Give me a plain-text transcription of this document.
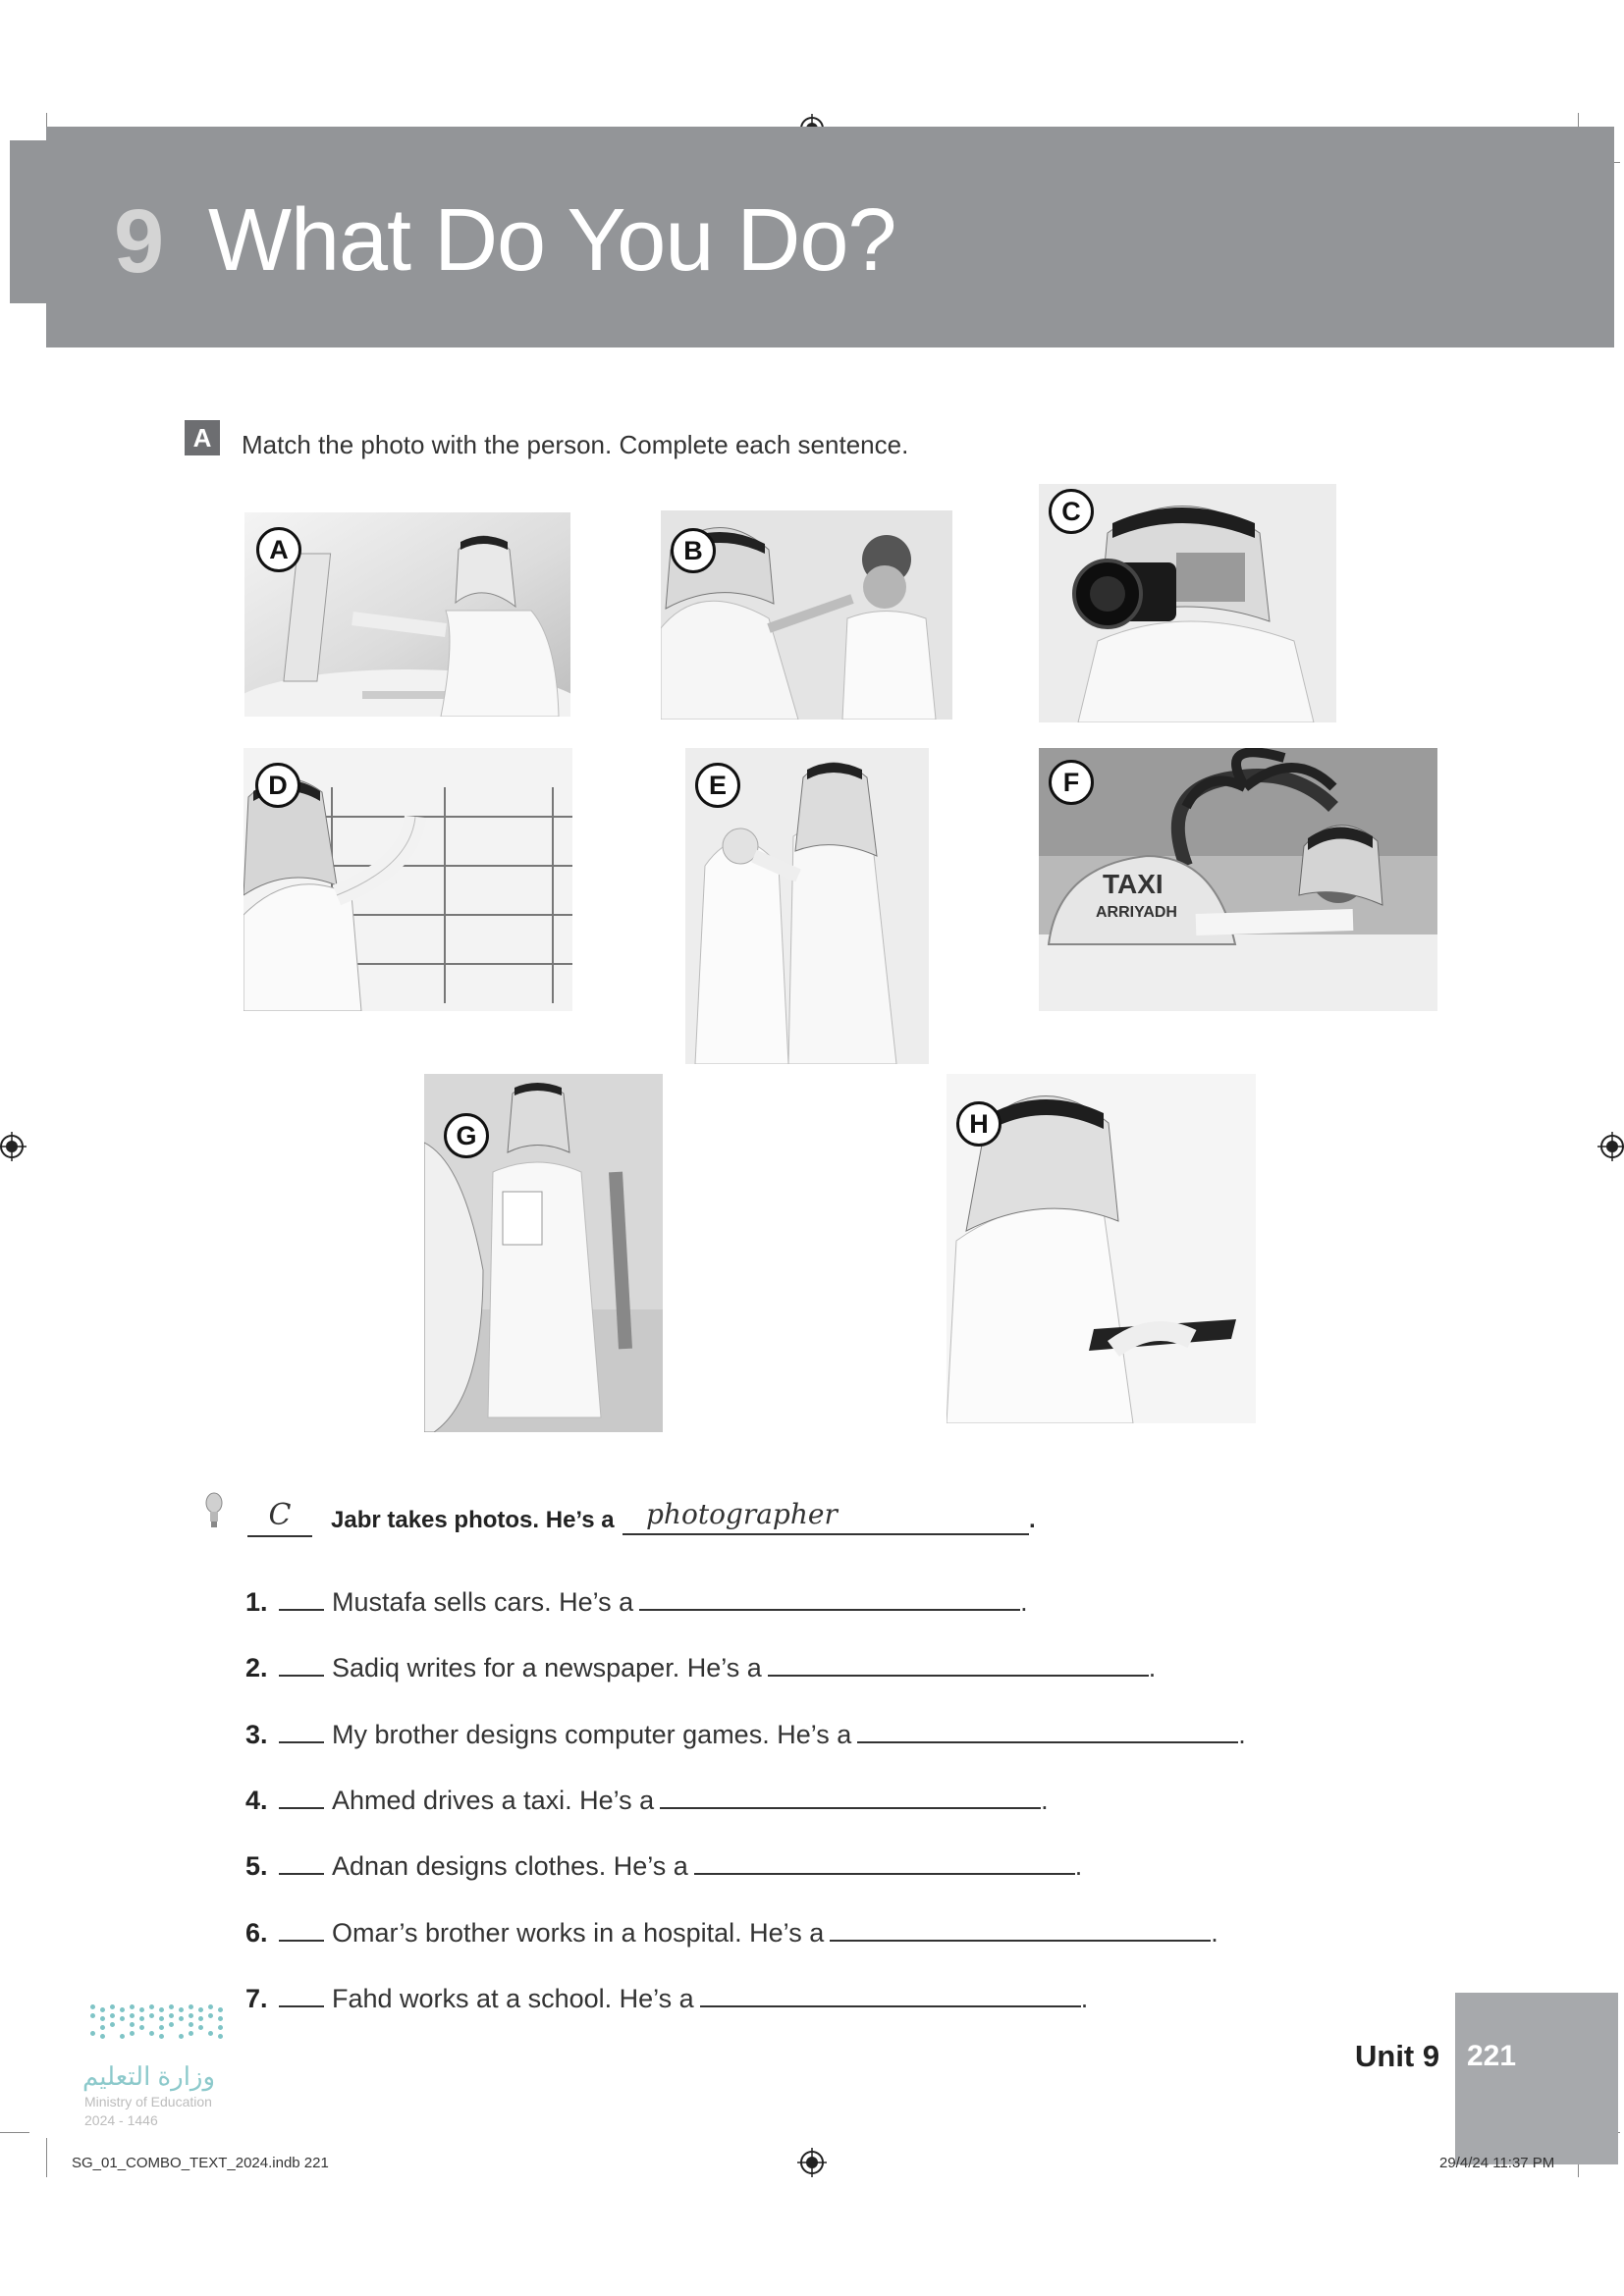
9 What Do You Do?
A	Match the photo with the person. Complete each sentence.
A	B
C
D	E
TAXI
ARRIYADH
F
G	H
C	Jabr takes photos. He’s a	photographer	.
1.	Mustafa sells cars. He’s a	.
2.	Sadiq writes for a newspaper. He’s a	.
3.	My brother designs computer games. He’s a	.
4.	Ahmed drives a taxi. He’s a	.
5.	Adnan designs clothes. He’s a	.
6.	Omar’s brother works in a hospital. He’s a	.
7.	Fahd works at a school. He’s a	.
وزارة التعليم
Ministry of Education
2024 - 1446
Unit 9 221
SG_01_COMBO_TEXT_2024.indb 221	29/4/24 11:37 PM
